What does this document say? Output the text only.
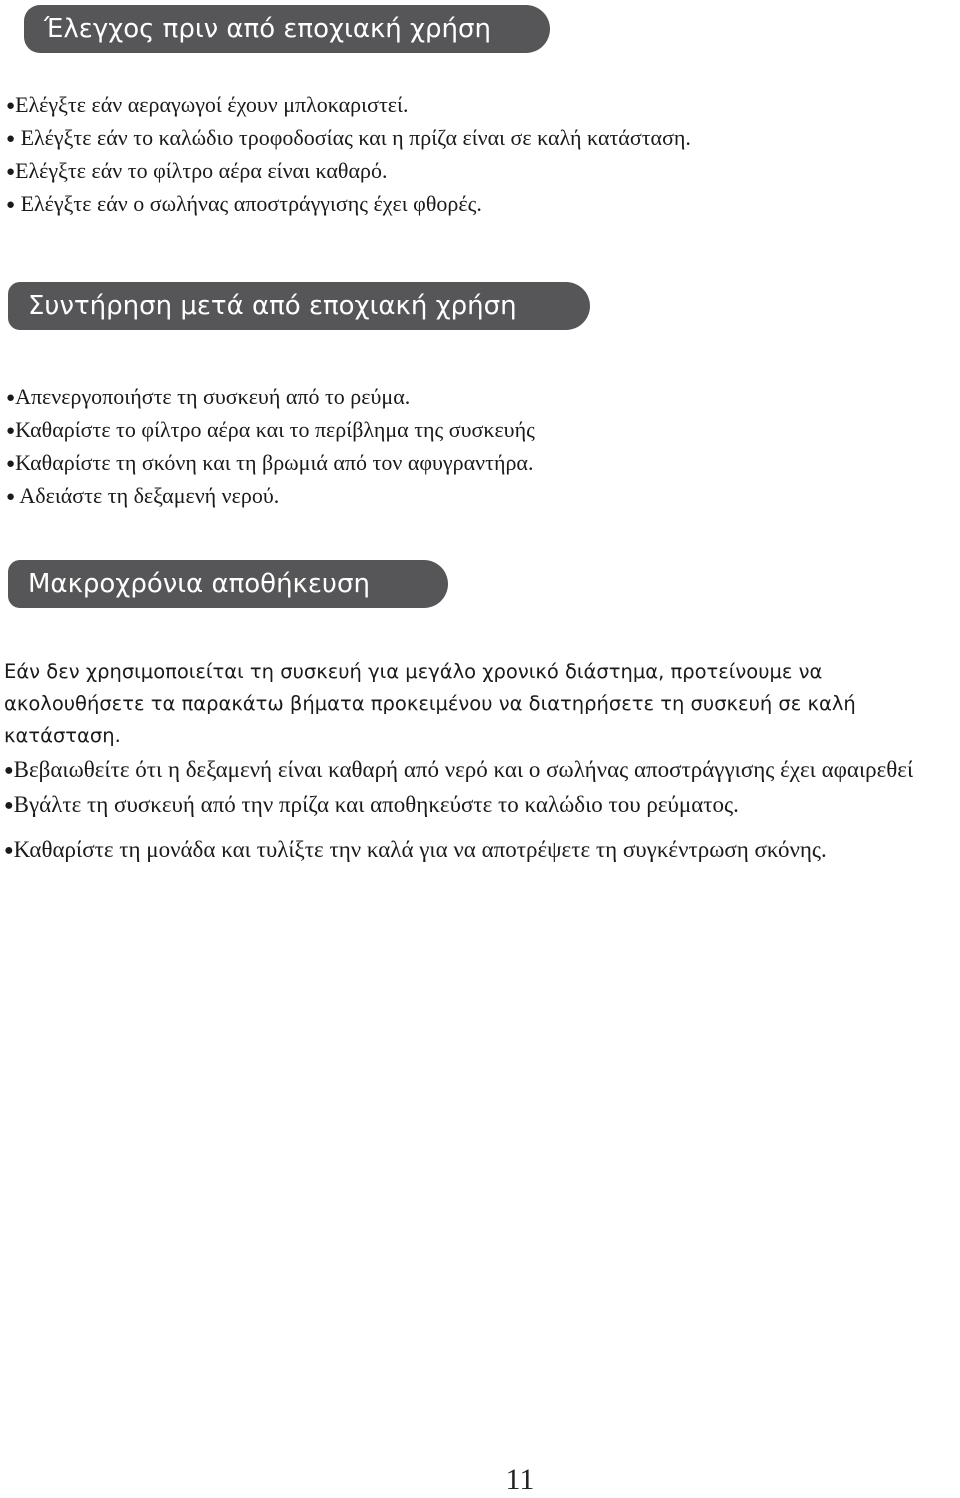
Έλεγχος πριν από εποχιακή χρήση
●Ελέγξτε εάν αεραγωγοί έχουν μπλοκαριστεί.
● Ελέγξτε εάν το καλώδιο τροφοδοσίας και η πρίζα είναι σε καλή κατάσταση.
●Ελέγξτε εάν το φίλτρο αέρα είναι καθαρό.
● Ελέγξτε εάν ο σωλήνας αποστράγγισης έχει φθορές.
Συντήρηση μετά από εποχιακή χρήση
●Απενεργοποιήστε τη συσκευή από το ρεύμα.
●Καθαρίστε το φίλτρο αέρα και το περίβλημα της συσκευής
●Καθαρίστε τη σκόνη και τη βρωμιά από τον αφυγραντήρα.
● Αδειάστε τη δεξαμενή νερού.
Μακροχρόνια αποθήκευση

Εάν δεν χρησιμοποιείται τη συσκευή για μεγάλο χρονικό διάστημα, προτείνουμε να ακολουθήσετε τα παρακάτω βήματα προκειμένου να διατηρήσετε τη συσκευή σε καλή κατάσταση.

●Βεβαιωθείτε ότι η δεξαμενή είναι καθαρή από νερό και ο σωλήνας αποστράγγισης έχει αφαιρεθεί
●Βγάλτε τη συσκευή από την πρίζα και αποθηκεύστε το καλώδιο του ρεύματος.
●Καθαρίστε τη μονάδα και τυλίξτε την καλά για να αποτρέψετε τη συγκέντρωση σκόνης.
11
